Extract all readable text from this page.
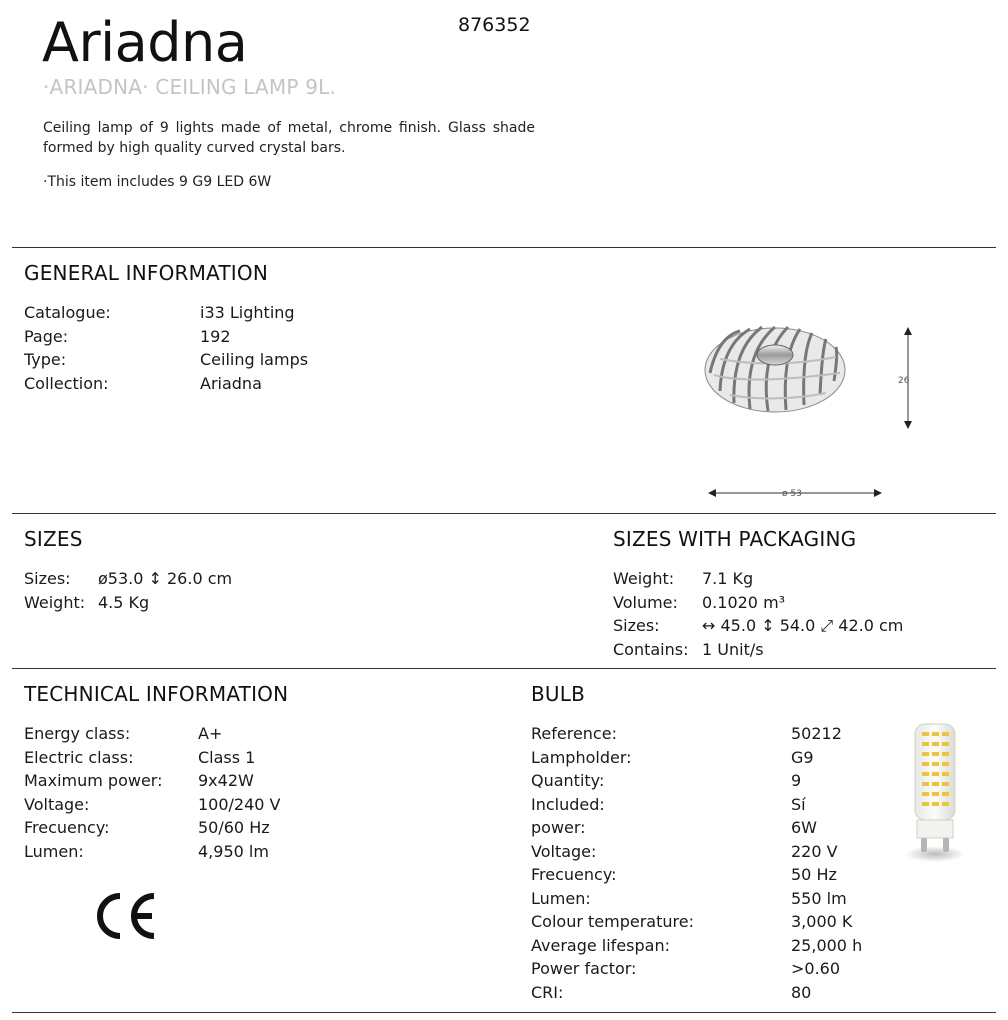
Ariadna	876352
·ARIADNA· CEILING LAMP 9L.
Ceiling lamp of 9 lights made of metal, chrome finish. Glass shade formed by high quality curved crystal bars.
·This item includes 9 G9 LED 6W
GENERAL INFORMATION
Catalogue:	i33 Lighting
Page:	192
Type:	Ceiling lamps
Collection:	Ariadna	26
ø 53
SIZES
Sizes:	ø53.0 ↕ 26.0 cm
Weight: 4.5 Kg
SIZES WITH PACKAGING
Weight:	7.1 Kg
Volume:	0.1020 m³
Sizes:	↔ 45.0 ↕ 54.0 ⤢ 42.0 cm
Contains: 1 Unit/s
TECHNICAL INFORMATION
Energy class:	A+
Electric class:	Class 1
Maximum power:	9x42W
Voltage:	100/240 V
Frecuency:	50/60 Hz
Lumen:	4,950 lm
BULB
Reference:	50212
Lampholder:	G9
Quantity:	9
Included:	Sí
power:	6W
Voltage:	220 V
Frecuency:	50 Hz
Lumen:	550 lm
Colour temperature:	3,000 K
Average lifespan:	25,000 h
Power factor:	>0.60
CRI:	80
